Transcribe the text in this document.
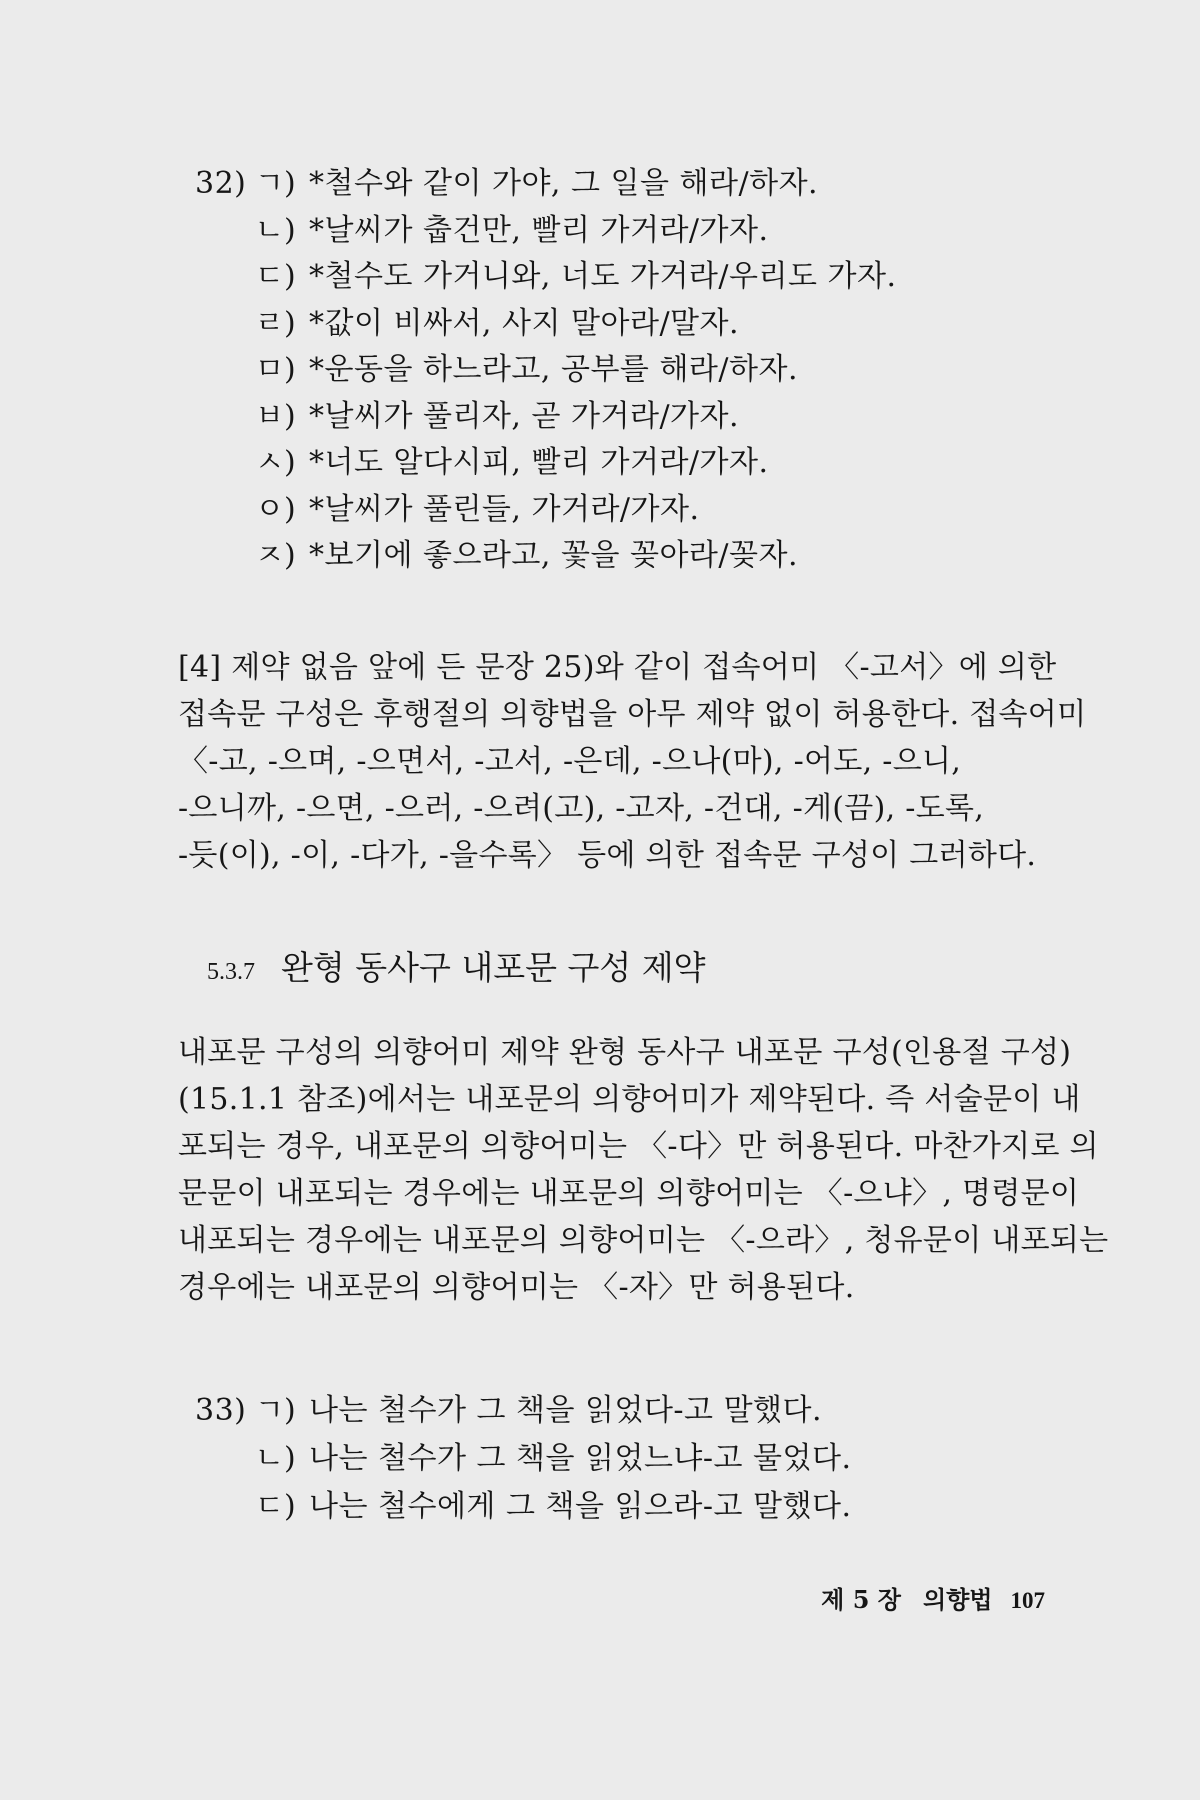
32) ㄱ) *철수와 같이 가야, 그 일을 해라/하자.
ㄴ) *날씨가 춥건만, 빨리 가거라/가자.
ㄷ) *철수도 가거니와, 너도 가거라/우리도 가자.
ㄹ) *값이 비싸서, 사지 말아라/말자.
ㅁ) *운동을 하느라고, 공부를 해라/하자.
ㅂ) *날씨가 풀리자, 곧 가거라/가자.
ㅅ) *너도 알다시피, 빨리 가거라/가자.
ㅇ) *날씨가 풀린들, 가거라/가자.
ㅈ) *보기에 좋으라고, 꽃을 꽂아라/꽂자.
[4] 제약 없음 앞에 든 문장 25)와 같이 접속어미 〈-고서〉에 의한
접속문 구성은 후행절의 의향법을 아무 제약 없이 허용한다. 접속어미
〈-고, -으며, -으면서, -고서, -은데, -으나(마), -어도, -으니,
-으니까, -으면, -으러, -으려(고), -고자, -건대, -게(끔), -도록,
-듯(이), -이, -다가, -을수록〉 등에 의한 접속문 구성이 그러하다.
5.3.7 완형 동사구 내포문 구성 제약
내포문 구성의 의향어미 제약 완형 동사구 내포문 구성(인용절 구성)
(15.1.1 참조)에서는 내포문의 의향어미가 제약된다. 즉 서술문이 내
포되는 경우, 내포문의 의향어미는 〈-다〉만 허용된다. 마찬가지로 의
문문이 내포되는 경우에는 내포문의 의향어미는 〈-으냐〉, 명령문이
내포되는 경우에는 내포문의 의향어미는 〈-으라〉, 청유문이 내포되는
경우에는 내포문의 의향어미는 〈-자〉만 허용된다.
33) ㄱ) 나는 철수가 그 책을 읽었다-고 말했다.
ㄴ) 나는 철수가 그 책을 읽었느냐-고 물었다.
ㄷ) 나는 철수에게 그 책을 읽으라-고 말했다.
제 5 장 의향법 107
